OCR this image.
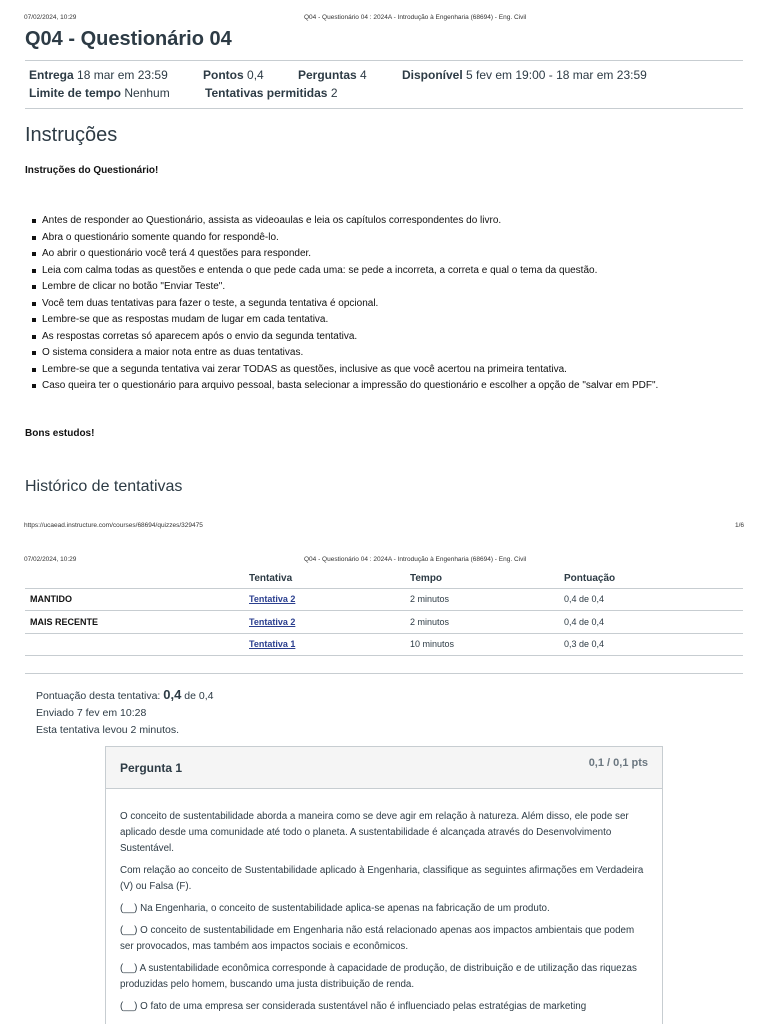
07/02/2024, 10:29	Q04 - Questionário 04 : 2024A - Introdução à Engenharia (68694) - Eng. Civil
Q04 - Questionário 04
Entrega 18 mar em 23:59	Pontos 0,4	Perguntas 4	Disponível 5 fev em 19:00 - 18 mar em 23:59
Limite de tempo Nenhum	Tentativas permitidas 2
Instruções
Instruções do Questionário!
Antes de responder ao Questionário, assista as videoaulas e leia os capítulos correspondentes do livro.
Abra o questionário somente quando for respondê-lo.
Ao abrir o questionário você terá 4 questões para responder.
Leia com calma todas as questões e entenda o que pede cada uma: se pede a incorreta, a correta e qual o tema da questão.
Lembre de clicar no botão "Enviar Teste".
Você tem duas tentativas para fazer o teste, a segunda tentativa é opcional.
Lembre-se que as respostas mudam de lugar em cada tentativa.
As respostas corretas só aparecem após o envio da segunda tentativa.
O sistema considera a maior nota entre as duas tentativas.
Lembre-se que a segunda tentativa vai zerar TODAS as questões, inclusive as que você acertou na primeira tentativa.
Caso queira ter o questionário para arquivo pessoal, basta selecionar a impressão do questionário e escolher a opção de "salvar em PDF".
Bons estudos!
Histórico de tentativas
https://ucaead.instructure.com/courses/68694/quizzes/329475	1/6
07/02/2024, 10:29	Q04 - Questionário 04 : 2024A - Introdução à Engenharia (68694) - Eng. Civil
	Tentativa	Tempo	Pontuação
MANTIDO	Tentativa 2	2 minutos	0,4 de 0,4
MAIS RECENTE	Tentativa 2	2 minutos	0,4 de 0,4
	Tentativa 1	10 minutos	0,3 de 0,4
Pontuação desta tentativa: 0,4 de 0,4
Enviado 7 fev em 10:28
Esta tentativa levou 2 minutos.
Pergunta 1	0,1 / 0,1 pts

O conceito de sustentabilidade aborda a maneira como se deve agir em relação à natureza. Além disso, ele pode ser aplicado desde uma comunidade até todo o planeta. A sustentabilidade é alcançada através do Desenvolvimento Sustentável.

Com relação ao conceito de Sustentabilidade aplicado à Engenharia, classifique as seguintes afirmações em Verdadeira (V) ou Falsa (F).

(__) Na Engenharia, o conceito de sustentabilidade aplica-se apenas na fabricação de um produto.

(__) O conceito de sustentabilidade em Engenharia não está relacionado apenas aos impactos ambientais que podem ser provocados, mas também aos impactos sociais e econômicos.

(__) A sustentabilidade econômica corresponde à capacidade de produção, de distribuição e de utilização das riquezas produzidas pelo homem, buscando uma justa distribuição de renda.

(__) O fato de uma empresa ser considerada sustentável não é influenciado pelas estratégias de marketing
